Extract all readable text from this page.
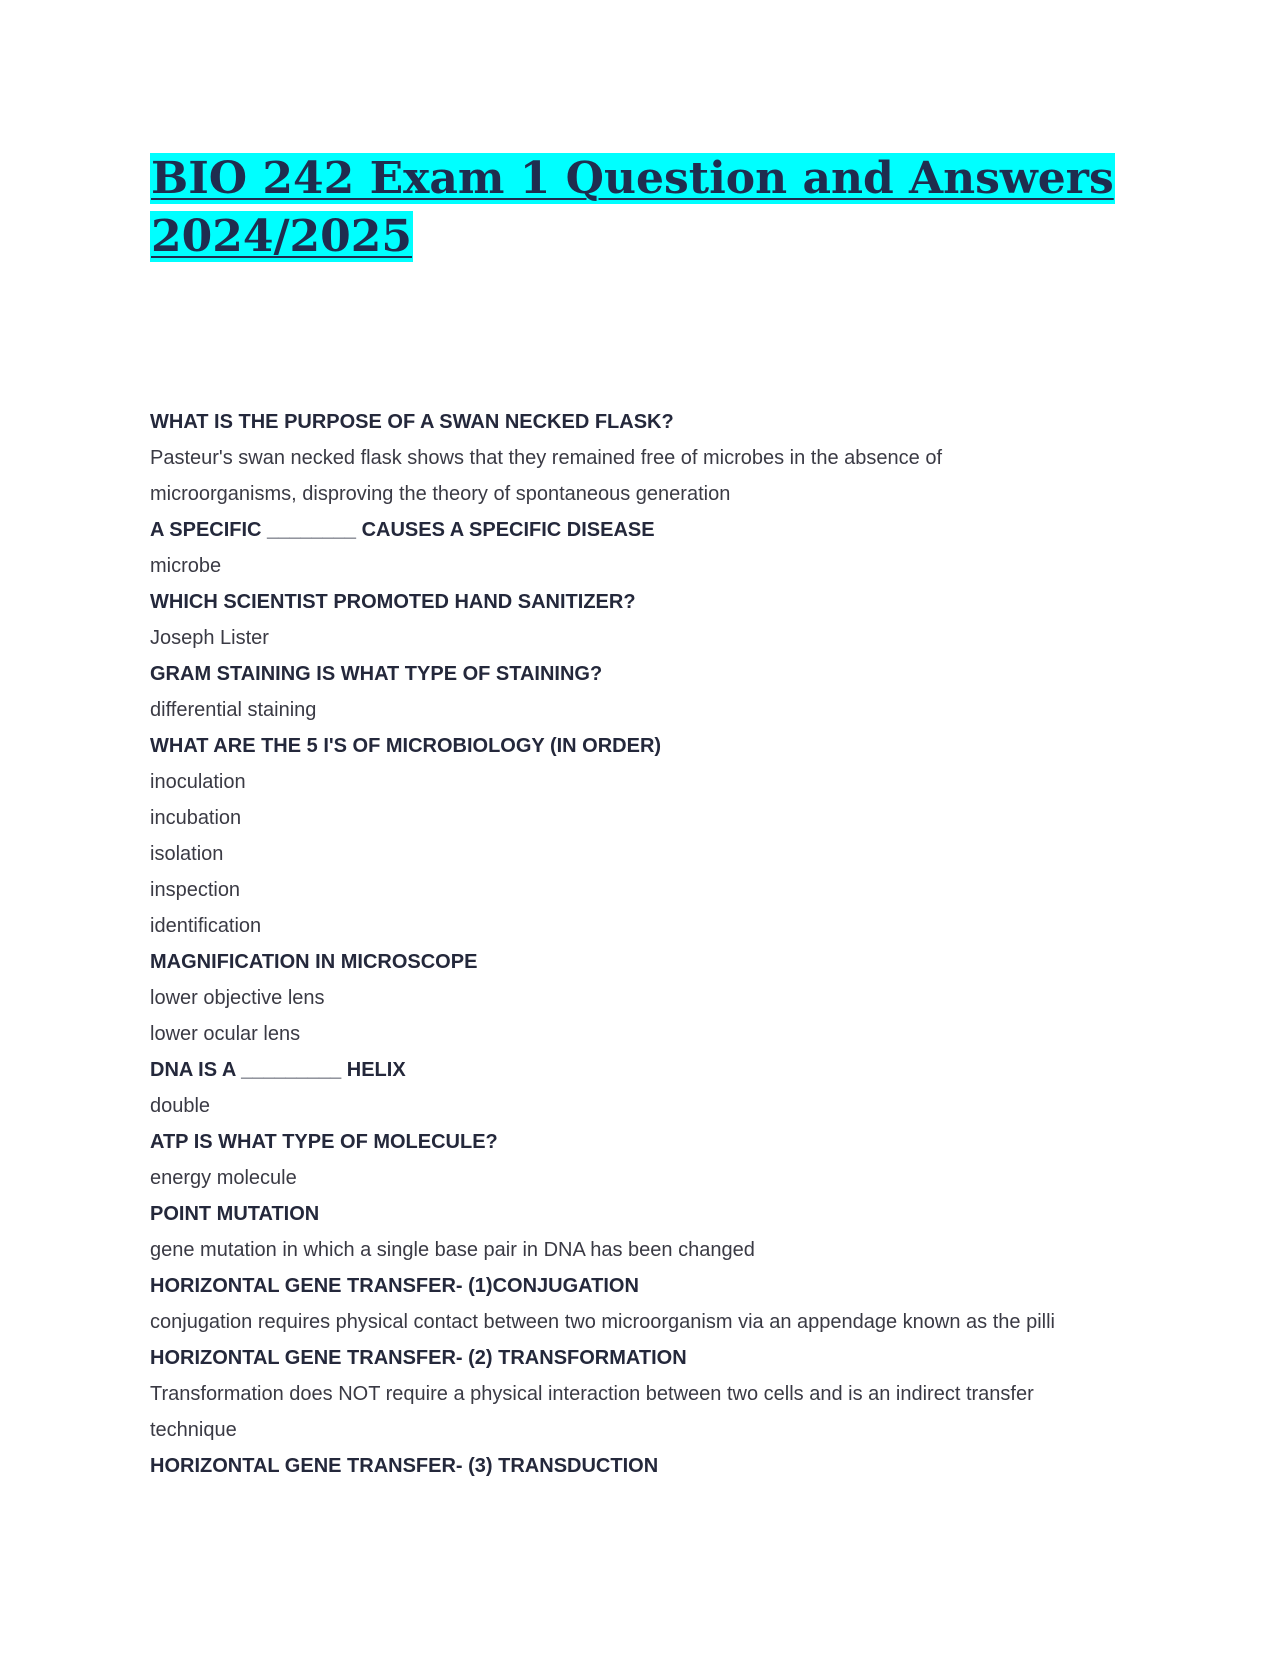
BIO 242 Exam 1 Question and Answers
2024/2025

WHAT IS THE PURPOSE OF A SWAN NECKED FLASK?

Pasteur's swan necked flask shows that they remained free of microbes in the absence of

microorganisms, disproving the theory of spontaneous generation

A SPECIFIC ________ CAUSES A SPECIFIC DISEASE

microbe

WHICH SCIENTIST PROMOTED HAND SANITIZER?

Joseph Lister

GRAM STAINING IS WHAT TYPE OF STAINING?

differential staining

WHAT ARE THE 5 I'S OF MICROBIOLOGY (IN ORDER)

inoculation

incubation

isolation

inspection

identification

MAGNIFICATION IN MICROSCOPE

lower objective lens

lower ocular lens

DNA IS A _________ HELIX

double

ATP IS WHAT TYPE OF MOLECULE?

energy molecule

POINT MUTATION

gene mutation in which a single base pair in DNA has been changed

HORIZONTAL GENE TRANSFER- (1)CONJUGATION

conjugation requires physical contact between two microorganism via an appendage known as the pilli

HORIZONTAL GENE TRANSFER- (2) TRANSFORMATION

Transformation does NOT require a physical interaction between two cells and is an indirect transfer

technique

HORIZONTAL GENE TRANSFER- (3) TRANSDUCTION
